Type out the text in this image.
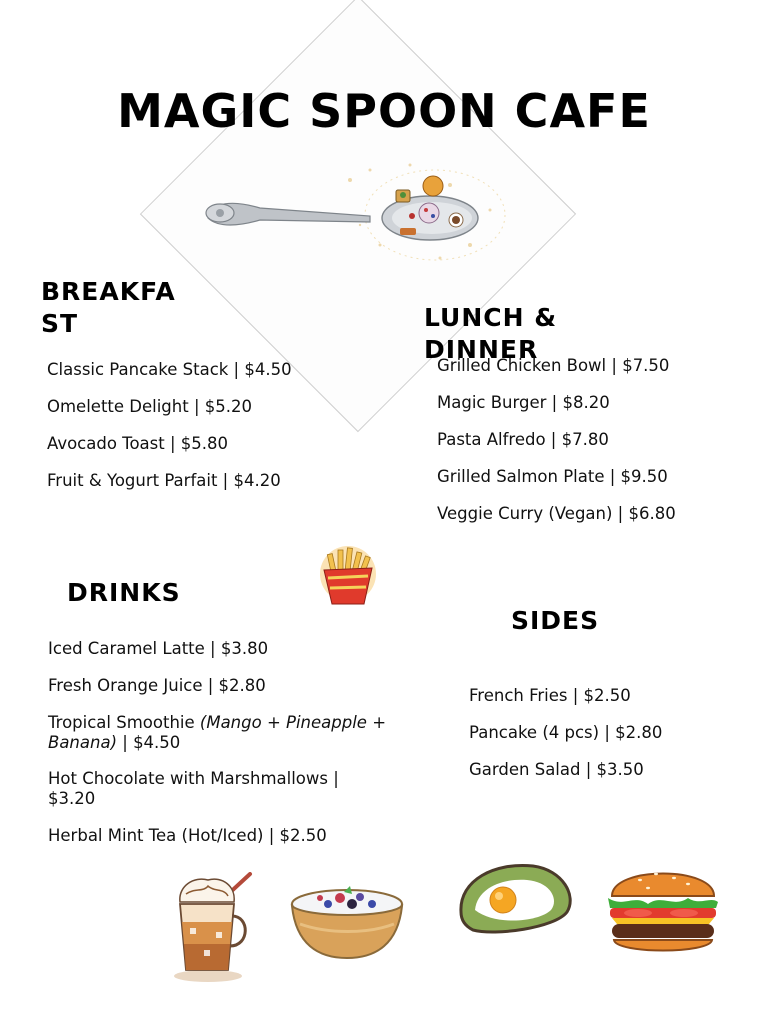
MAGIC SPOON CAFE
BREAKFA
ST
Classic Pancake Stack | $4.50
Omelette Delight | $5.20
Avocado Toast | $5.80
Fruit & Yogurt Parfait | $4.20
LUNCH &
DINNER
Grilled Chicken Bowl | $7.50
Magic Burger | $8.20
Pasta Alfredo | $7.80
Grilled Salmon Plate | $9.50
Veggie Curry (Vegan) | $6.80
DRINKS
Iced Caramel Latte | $3.80
Fresh Orange Juice | $2.80
Tropical Smoothie (Mango + Pineapple + Banana) | $4.50
Hot Chocolate with Marshmallows | $3.20
Herbal Mint Tea (Hot/Iced) | $2.50
SIDES
French Fries | $2.50
Pancake (4 pcs) | $2.80
Garden Salad | $3.50
